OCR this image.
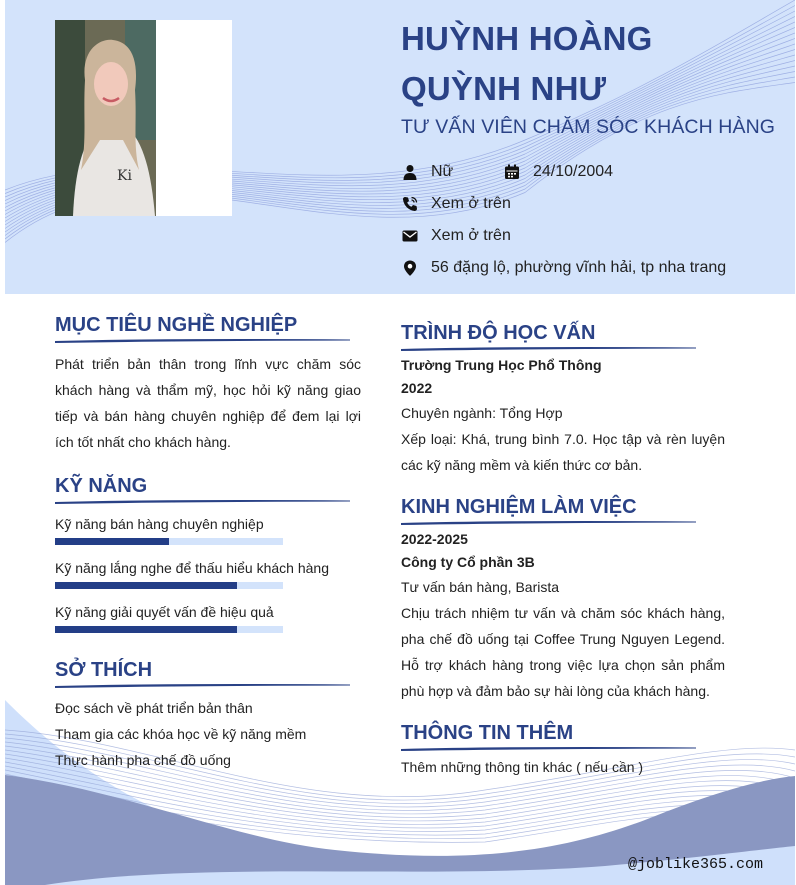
Ki
HUỲNH HOÀNG
QUỲNH NHƯ
TƯ VẤN VIÊN CHĂM SÓC KHÁCH HÀNG
Nữ	24/10/2004
Xem ở trên
Xem ở trên
56 đặng lộ, phường vĩnh hải, tp nha trang
MỤC TIÊU NGHỀ NGHIỆP

Phát triển bản thân trong lĩnh vực chăm sóc khách hàng và thẩm mỹ, học hỏi kỹ năng giao tiếp và bán hàng chuyên nghiệp để đem lại lợi ích tốt nhất cho khách hàng.

KỸ NĂNG
Kỹ năng bán hàng chuyên nghiệp
Kỹ năng lắng nghe để thấu hiểu khách hàng
Kỹ năng giải quyết vấn đề hiệu quả
SỞ THÍCH
Đọc sách về phát triển bản thân
Tham gia các khóa học về kỹ năng mềm
Thực hành pha chế đồ uống
TRÌNH ĐỘ HỌC VẤN
Trường Trung Học Phổ Thông
2022
Chuyên ngành: Tổng Hợp

Xếp loại: Khá, trung bình 7.0. Học tập và rèn luyện các kỹ năng mềm và kiến thức cơ bản.

KINH NGHIỆM LÀM VIỆC
2022-2025
Công ty Cổ phần 3B
Tư vấn bán hàng, Barista

Chịu trách nhiệm tư vấn và chăm sóc khách hàng, pha chế đồ uống tại Coffee Trung Nguyen Legend. Hỗ trợ khách hàng trong việc lựa chọn sản phẩm phù hợp và đảm bảo sự hài lòng của khách hàng.

THÔNG TIN THÊM
Thêm những thông tin khác ( nếu cần )
@joblike365.com
